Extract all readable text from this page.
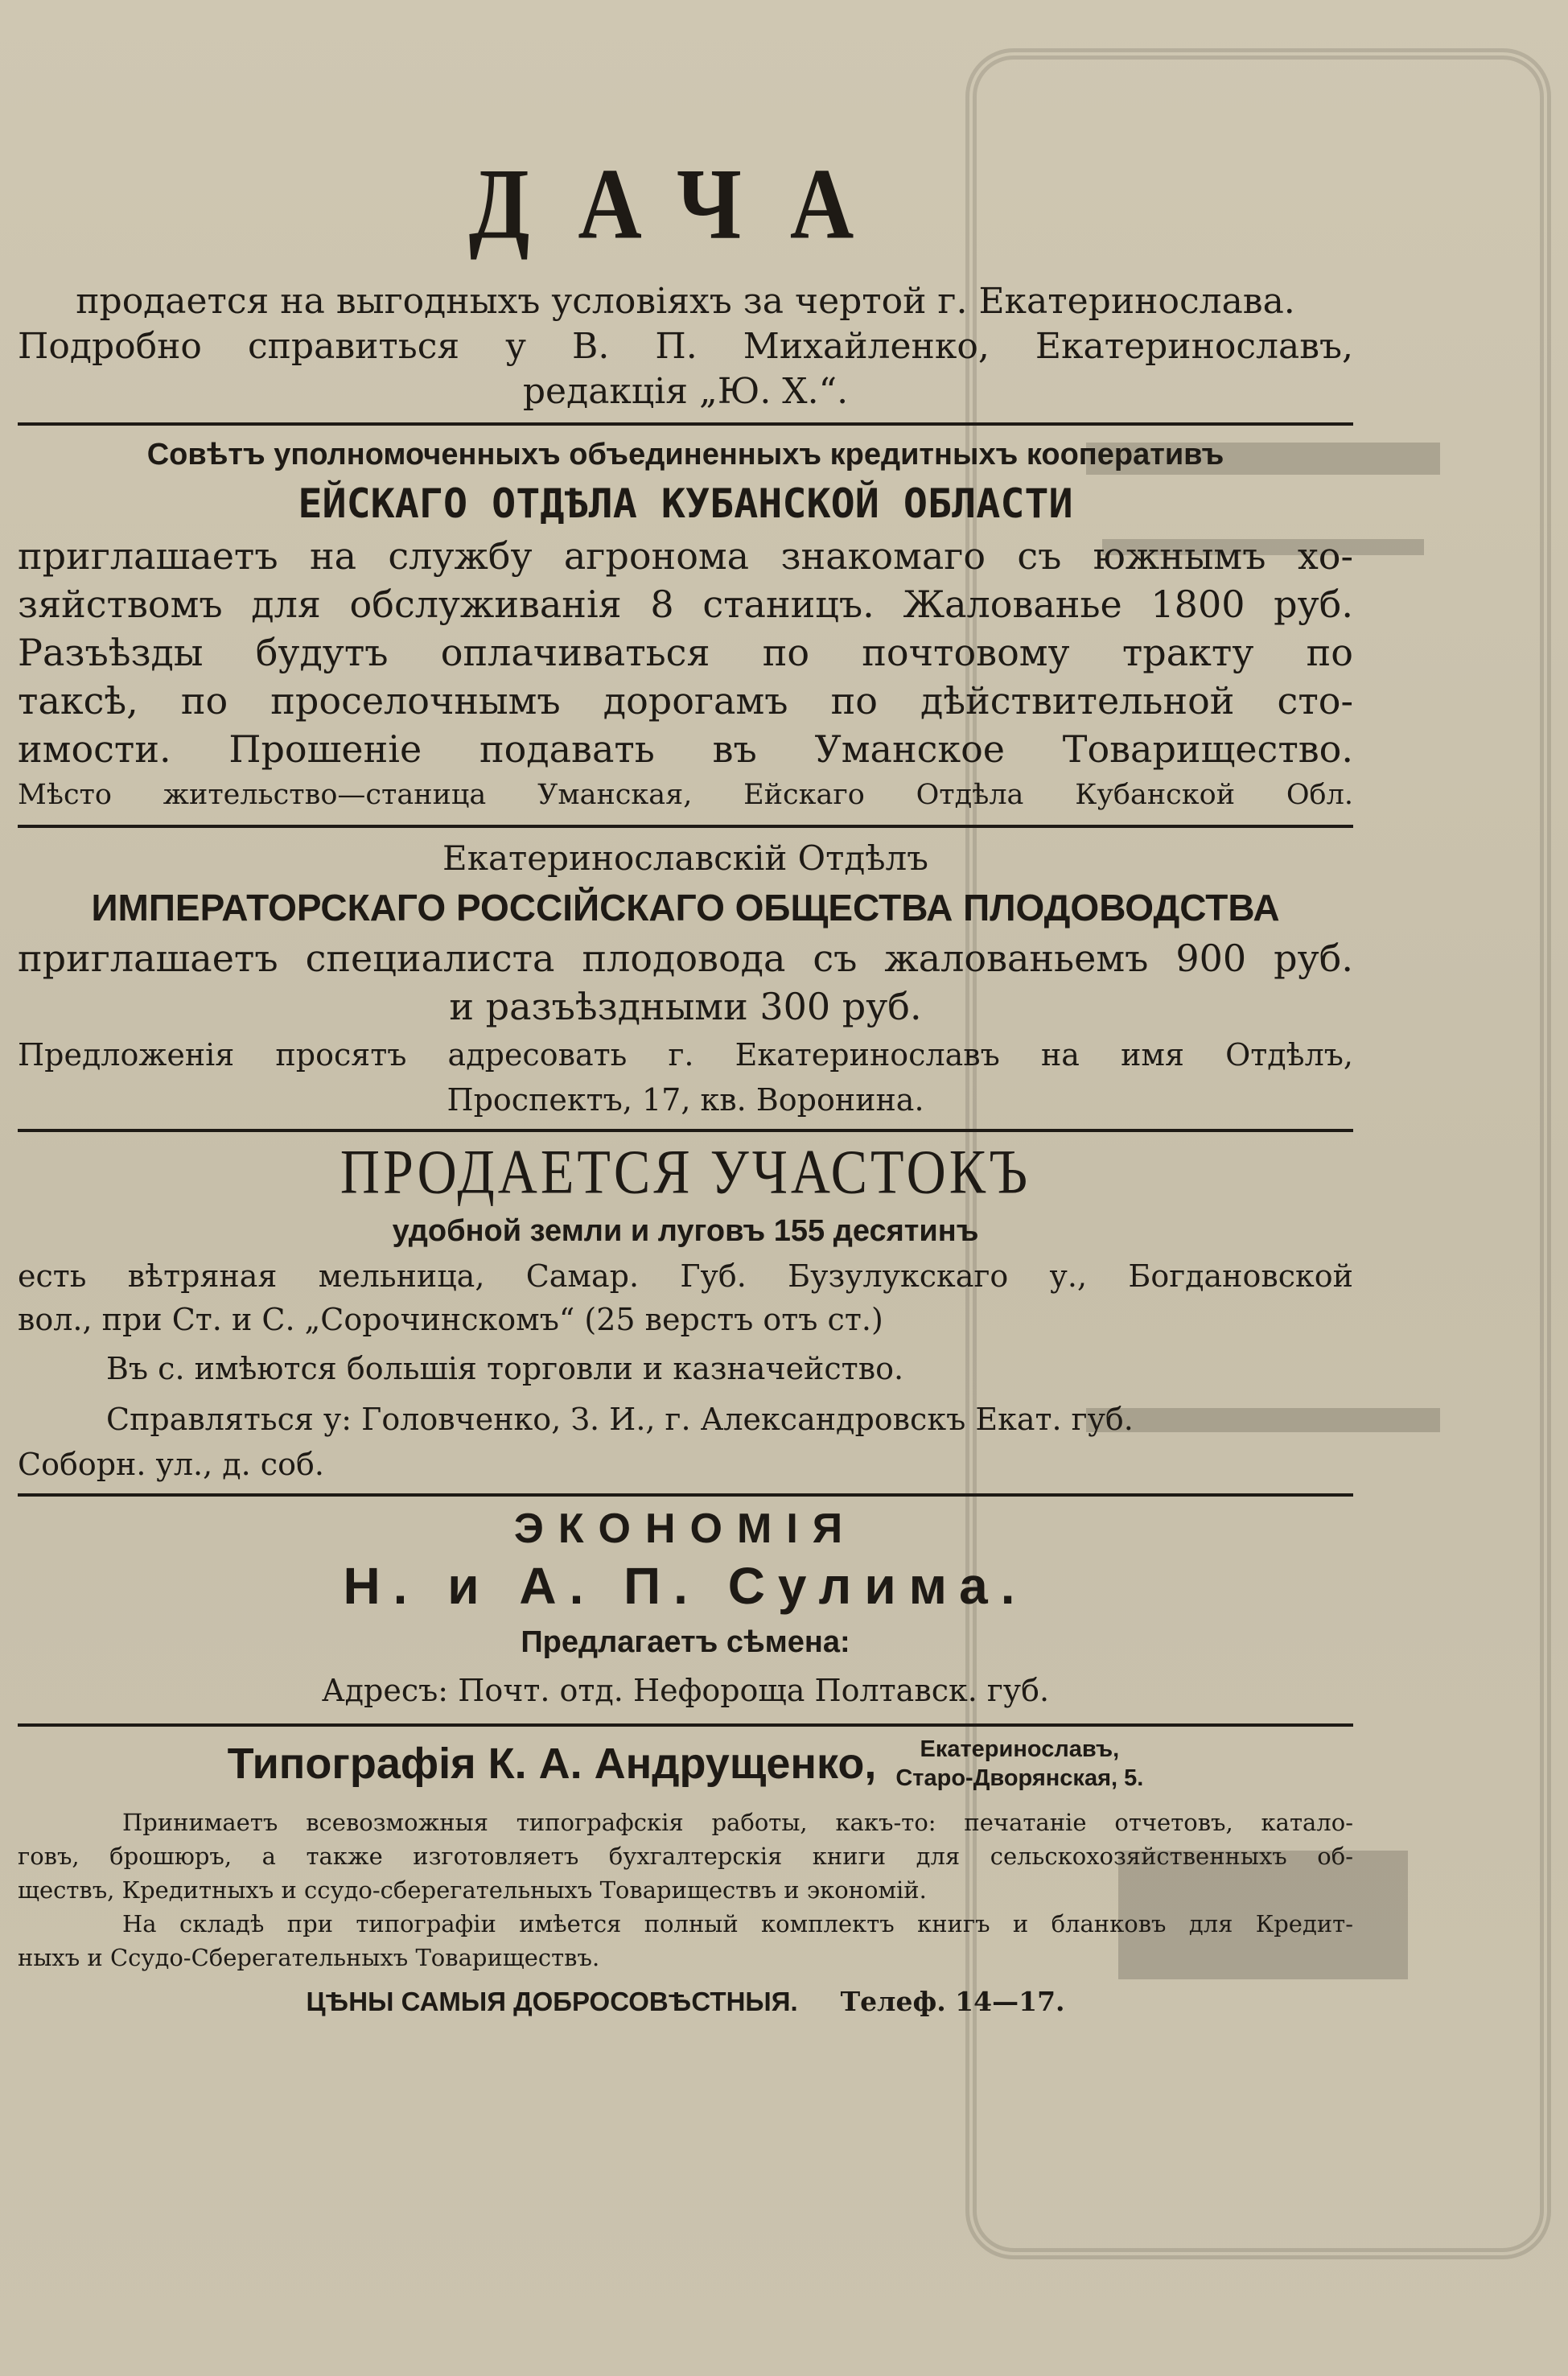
ДАЧА
продается на выгодныхъ условіяхъ за чертой г. Екатеринослава.
Подробно справиться у В. П. Михайленко, Екатеринославъ,
редакція „Ю. Х.“.
Совѣтъ уполномоченныхъ объединенныхъ кредитныхъ кооперативъ
ЕЙСКАГО ОТДѢЛА КУБАНСКОЙ ОБЛАСТИ
приглашаетъ на службу агронома знакомаго съ южнымъ хо-
зяйствомъ для обслуживанія 8 станицъ. Жалованье 1800 руб.
Разъѣзды будутъ оплачиваться по почтовому тракту по
таксѣ, по проселочнымъ дорогамъ по дѣйствительной сто-
имости. Прошеніе подавать въ Уманское Товарищество.
Мѣсто жительство—станица Уманская, Ейскаго Отдѣла Кубанской Обл.
Екатеринославскій Отдѣлъ
ИМПЕРАТОРСКАГО РОССІЙСКАГО ОБЩЕСТВА ПЛОДОВОДСТВА
приглашаетъ специалиста плодовода съ жалованьемъ 900 руб.
и разъѣздными 300 руб.
Предложенія просятъ адресовать г. Екатеринославъ на имя Отдѣлъ,
Проспектъ, 17, кв. Воронина.
ПРОДАЕТСЯ УЧАСТОКЪ
удобной земли и луговъ 155 десятинъ
есть вѣтряная мельница, Самар. Губ. Бузулукскаго у., Богдановской
вол., при Ст. и С. „Сорочинскомъ“ (25 верстъ отъ ст.)
Въ с. имѣются большія торговли и казначейство.
Справляться у: Головченко, З. И., г. Александровскъ Екат. губ.
Соборн. ул., д. соб.
ЭКОНОМІЯ
Н. и А. П. Сулима.
Предлагаетъ сѣмена:
Адресъ: Почт. отд. Нефороща Полтавск. губ.
Типографія К. А. Андрущенко, Екатеринославъ,
Старо-Дворянская, 5.
Принимаетъ всевозможныя типографскія работы, какъ-то: печатаніе отчетовъ, катало-
говъ, брошюръ, а также изготовляетъ бухгалтерскія книги для сельскохозяйственныхъ об-
ществъ, Кредитныхъ и ссудо-сберегательныхъ Товариществъ и экономій.
На складѣ при типографіи имѣется полный комплектъ книгъ и бланковъ для Кредит-
ныхъ и Ссудо-Сберегательныхъ Товариществъ.
ЦѢНЫ САМЫЯ ДОБРОСОВѢСТНЫЯ. Телеф. 14—17.
